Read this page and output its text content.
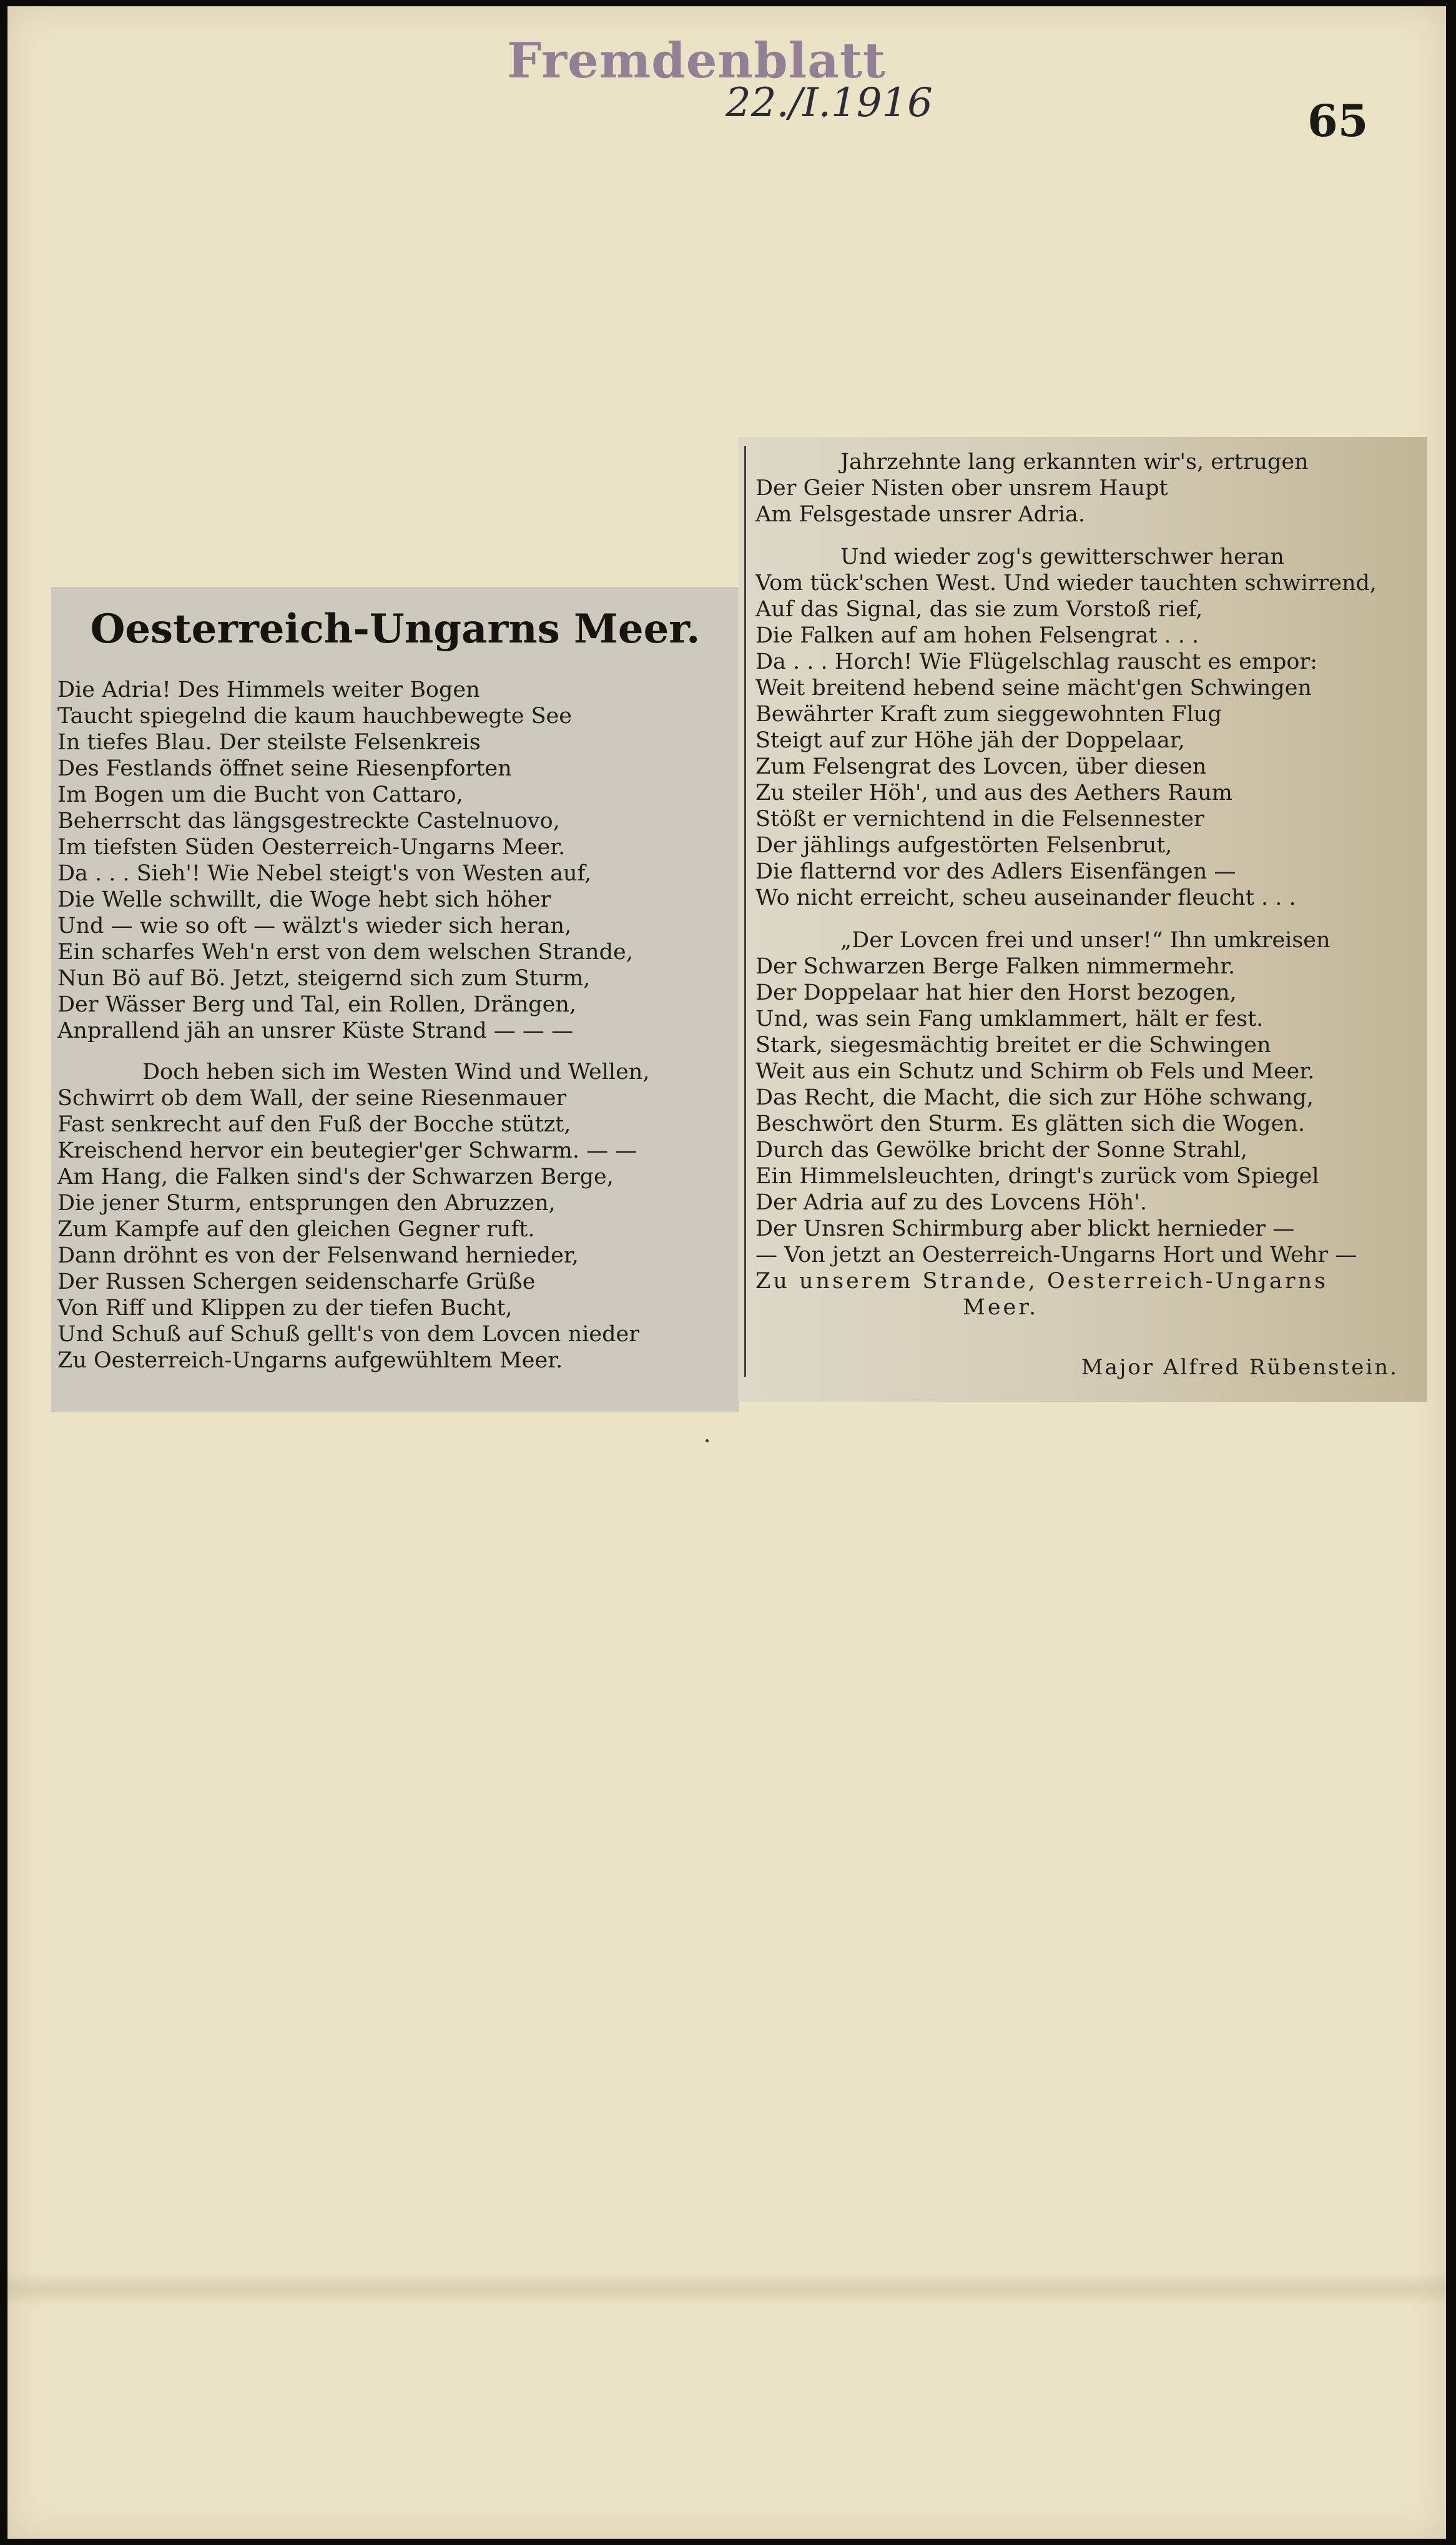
Fremdenblatt
22./I.1916	65
Oesterreich-Ungarns Meer.
Die Adria! Des Himmels weiter Bogen
Taucht spiegelnd die kaum hauchbewegte See
In tiefes Blau. Der steilste Felsenkreis
Des Festlands öffnet seine Riesenpforten
Im Bogen um die Bucht von Cattaro,
Beherrscht das längsgestreckte Castelnuovo,
Im tiefsten Süden Oesterreich-Ungarns Meer.
Da . . . Sieh'! Wie Nebel steigt's von Westen auf,
Die Welle schwillt, die Woge hebt sich höher
Und — wie so oft — wälzt's wieder sich heran,
Ein scharfes Weh'n erst von dem welschen Strande,
Nun Bö auf Bö. Jetzt, steigernd sich zum Sturm,
Der Wässer Berg und Tal, ein Rollen, Drängen,
Anprallend jäh an unsrer Küste Strand — — —
Doch heben sich im Westen Wind und Wellen,
Schwirrt ob dem Wall, der seine Riesenmauer
Fast senkrecht auf den Fuß der Bocche stützt,
Kreischend hervor ein beutegier'ger Schwarm. — —
Am Hang, die Falken sind's der Schwarzen Berge,
Die jener Sturm, entsprungen den Abruzzen,
Zum Kampfe auf den gleichen Gegner ruft.
Dann dröhnt es von der Felsenwand hernieder,
Der Russen Schergen seidenscharfe Grüße
Von Riff und Klippen zu der tiefen Bucht,
Und Schuß auf Schuß gellt's von dem Lovcen nieder
Zu Oesterreich-Ungarns aufgewühltem Meer.
Jahrzehnte lang erkannten wir's, ertrugen
Der Geier Nisten ober unsrem Haupt
Am Felsgestade unsrer Adria.
Und wieder zog's gewitterschwer heran
Vom tück'schen West. Und wieder tauchten schwirrend,
Auf das Signal, das sie zum Vorstoß rief,
Die Falken auf am hohen Felsengrat . . .
Da . . . Horch! Wie Flügelschlag rauscht es empor:
Weit breitend hebend seine mächt'gen Schwingen
Bewährter Kraft zum sieggewohnten Flug
Steigt auf zur Höhe jäh der Doppelaar,
Zum Felsengrat des Lovcen, über diesen
Zu steiler Höh', und aus des Aethers Raum
Stößt er vernichtend in die Felsennester
Der jählings aufgestörten Felsenbrut,
Die flatternd vor des Adlers Eisenfängen —
Wo nicht erreicht, scheu auseinander fleucht . . .
„Der Lovcen frei und unser!“ Ihn umkreisen
Der Schwarzen Berge Falken nimmermehr.
Der Doppelaar hat hier den Horst bezogen,
Und, was sein Fang umklammert, hält er fest.
Stark, siegesmächtig breitet er die Schwingen
Weit aus ein Schutz und Schirm ob Fels und Meer.
Das Recht, die Macht, die sich zur Höhe schwang,
Beschwört den Sturm. Es glätten sich die Wogen.
Durch das Gewölke bricht der Sonne Strahl,
Ein Himmelsleuchten, dringt's zurück vom Spiegel
Der Adria auf zu des Lovcens Höh'.
Der Unsren Schirmburg aber blickt hernieder —
— Von jetzt an Oesterreich-Ungarns Hort und Wehr —
Zu unserem Strande, Oesterreich-Ungarns
Meer.
Major Alfred Rübenstein.
